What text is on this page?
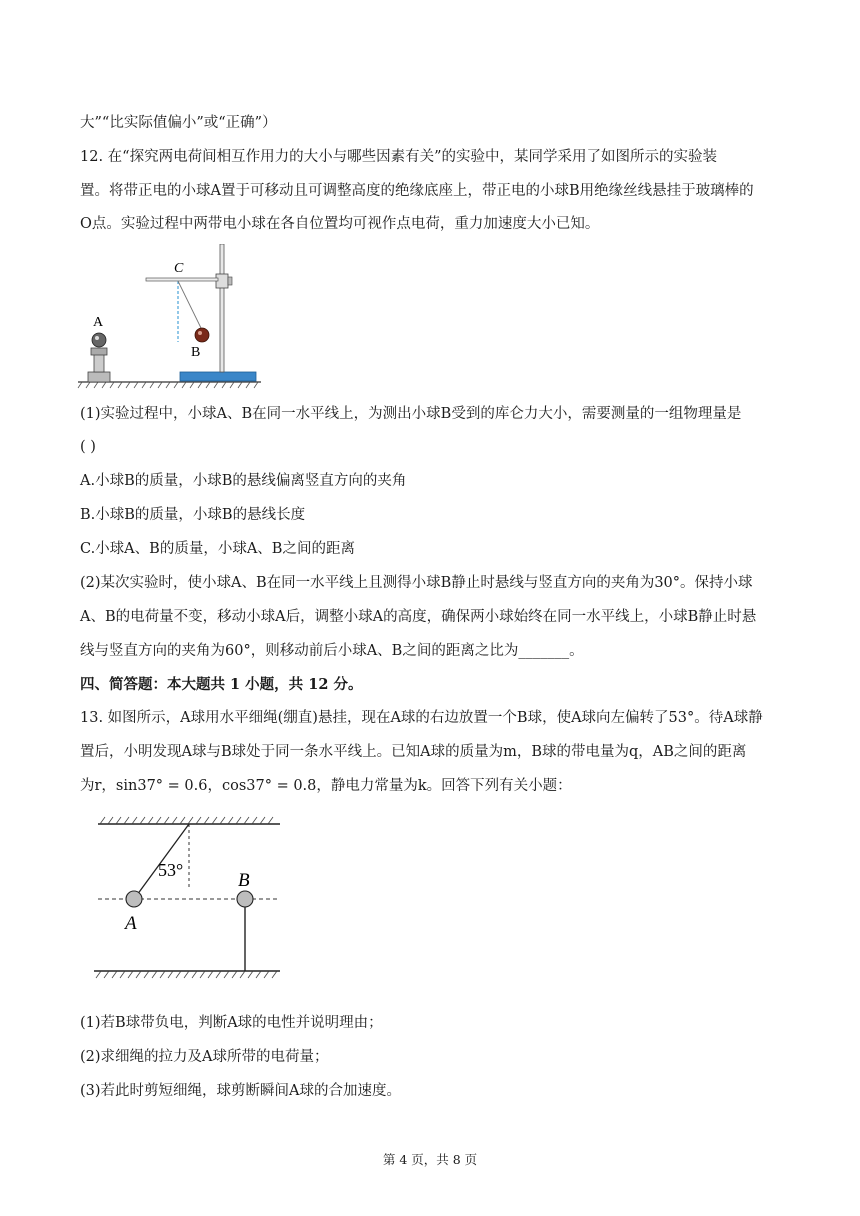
大”“比实际值偏小”或“正确”）
12. 在“探究两电荷间相互作用力的大小与哪些因素有关”的实验中，某同学采用了如图所示的实验装
置。将带正电的小球A置于可移动且可调整高度的绝缘底座上，带正电的小球B用绝缘丝线悬挂于玻璃棒的
O点。实验过程中两带电小球在各自位置均可视作点电荷，重力加速度大小已知。
A
C
B
(1)实验过程中，小球A、B在同一水平线上，为测出小球B受到的库仑力大小，需要测量的一组物理量是
( )
A.小球B的质量，小球B的悬线偏离竖直方向的夹角
B.小球B的质量，小球B的悬线长度
C.小球A、B的质量，小球A、B之间的距离
(2)某次实验时，使小球A、B在同一水平线上且测得小球B静止时悬线与竖直方向的夹角为30°。保持小球
A、B的电荷量不变，移动小球A后，调整小球A的高度，确保两小球始终在同一水平线上，小球B静止时悬
线与竖直方向的夹角为60°，则移动前后小球A、B之间的距离之比为_______。
四、简答题：本大题共 1 小题，共 12 分。
13. 如图所示，A球用水平细绳(绷直)悬挂，现在A球的右边放置一个B球，使A球向左偏转了53°。待A球静
置后，小明发现A球与B球处于同一条水平线上。已知A球的质量为m，B球的带电量为q，AB之间的距离
为r，sin37° = 0.6，cos37° = 0.8，静电力常量为k。回答下列有关小题：
53°
A
B
(1)若B球带负电，判断A球的电性并说明理由；
(2)求细绳的拉力及A球所带的电荷量；
(3)若此时剪短细绳，球剪断瞬间A球的合加速度。
第 4 页，共 8 页
